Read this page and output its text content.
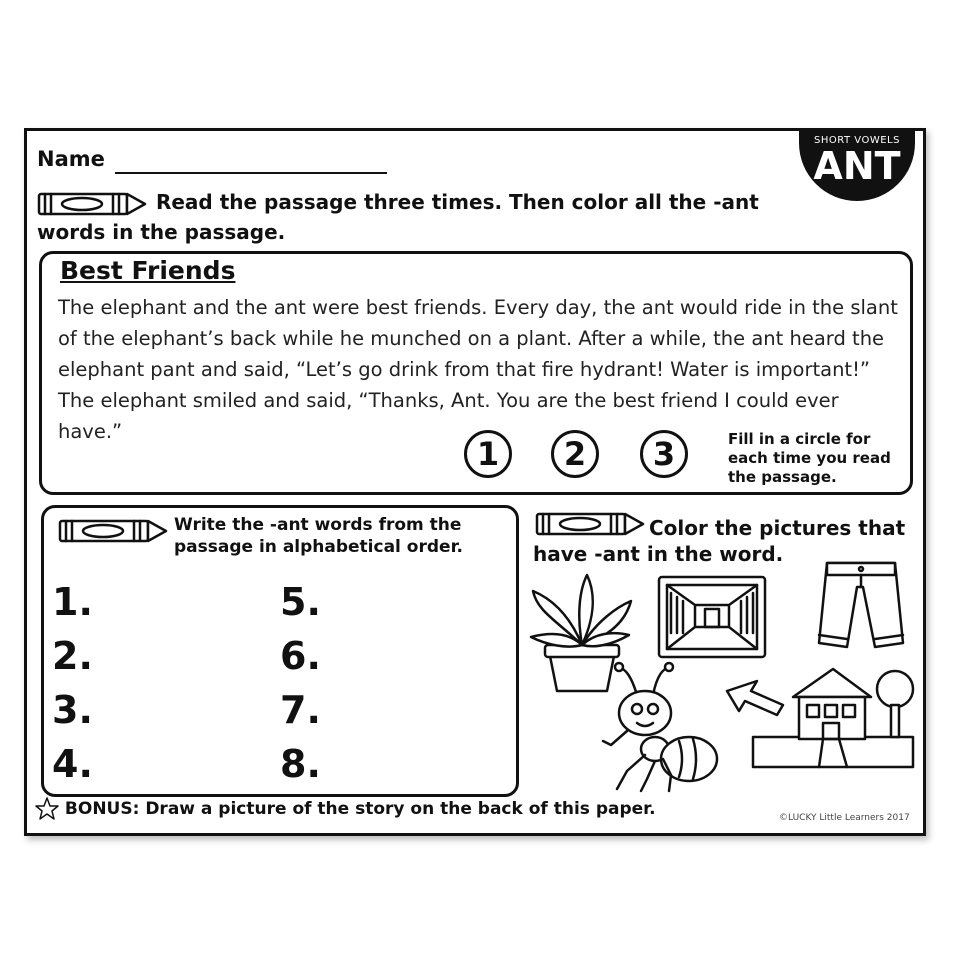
Name
SHORT VOWELS
ANT
Read the passage three times. Then color all the -ant words in the passage.
Best Friends
The elephant and the ant were best friends. Every day, the ant would ride in the slant of the elephant’s back while he munched on a plant. After a while, the ant heard the elephant pant and said, “Let’s go drink from that fire hydrant! Water is important!” The elephant smiled and said, “Thanks, Ant. You are the best friend I could ever have.”
1	2	3	Fill in a circle for each time you read the passage.
Write the -ant words from the passage in alphabetical order.
1.
2.
3.
4.
5.
6.
7.
8.
Color the pictures that have -ant in the word.
BONUS: Draw a picture of the story on the back of this paper.	©LUCKY Little Learners 2017
